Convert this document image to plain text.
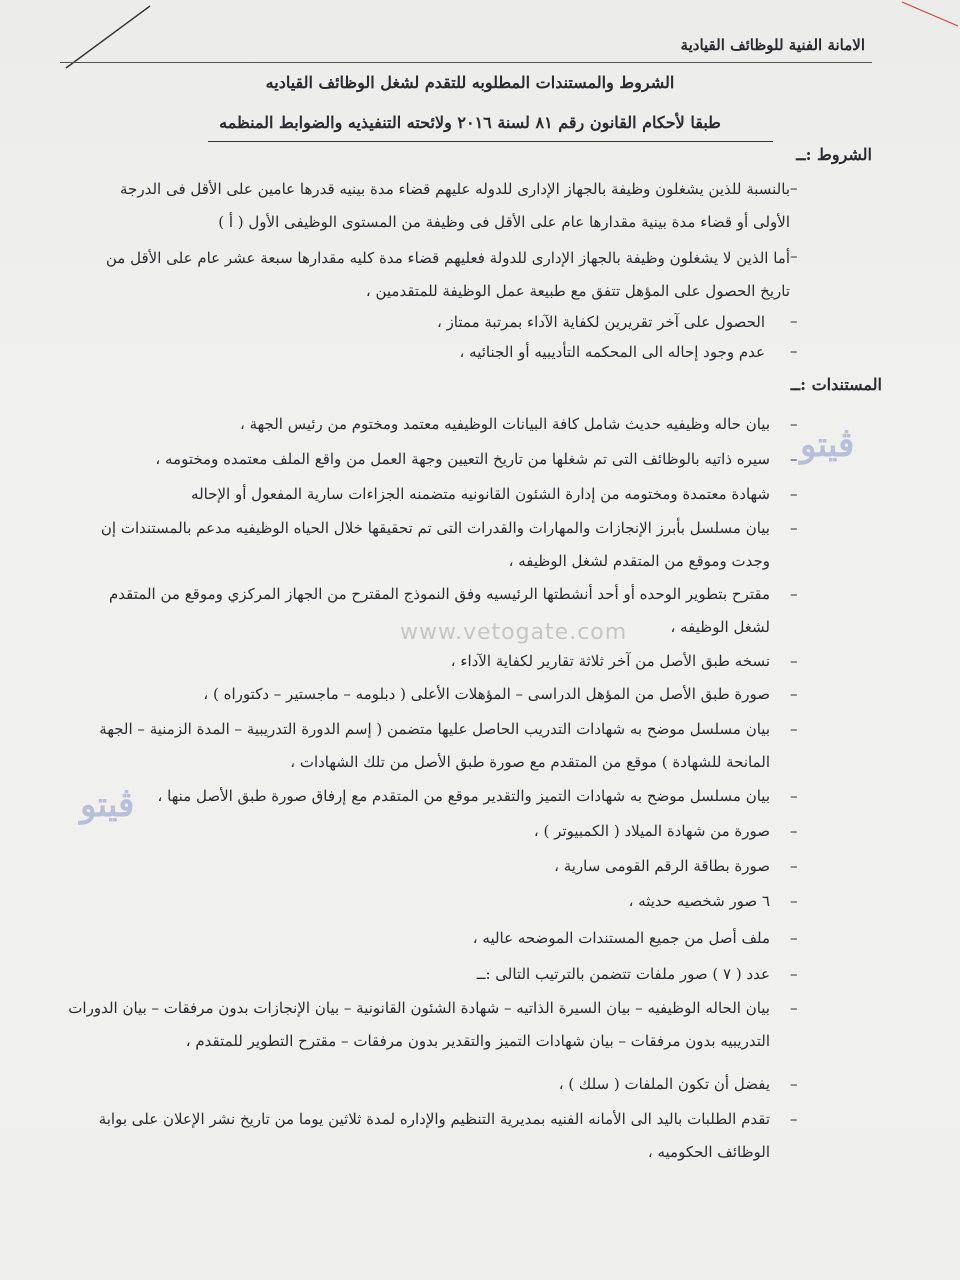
الامانة الفنية للوظائف القيادية
الشروط والمستندات المطلوبه للتقدم لشغل الوظائف القياديه
طبقا لأحكام القانون رقم ٨١ لسنة ٢٠١٦ ولائحته التنفيذيه والضوابط المنظمه
الشروط :ــ
–
بالنسبة للذين يشغلون وظيفة بالجهاز الإدارى للدوله عليهم قضاء مدة بينيه قدرها عامين على الأقل فى الدرجة الأولى أو قضاء مدة بينية مقدارها عام على الأقل فى وظيفة من المستوى الوظيفى الأول ( أ )
–
أما الذين لا يشغلون وظيفة بالجهاز الإدارى للدولة فعليهم قضاء مدة كليه مقدارها سبعة عشر عام على الأقل من تاريخ الحصول على المؤهل تتفق مع طبيعة عمل الوظيفة للمتقدمين ،
–
الحصول على آخر تقريرين لكفاية الآداء بمرتبة ممتاز ،
–
عدم وجود إحاله الى المحكمه التأديبيه أو الجنائيه ،
المستندات :ــ
–
بيان حاله وظيفيه حديث شامل كافة البيانات الوظيفيه معتمد ومختوم من رئيس الجهة ،
–
سيره ذاتيه بالوظائف التى تم شغلها من تاريخ التعيين وجهة العمل من واقع الملف معتمده ومختومه ،
–
شهادة معتمدة ومختومه من إدارة الشئون القانونيه متضمنه الجزاءات سارية المفعول أو الإحاله
–
بيان مسلسل بأبرز الإنجازات والمهارات والقدرات التى تم تحقيقها خلال الحياه الوظيفيه مدعم بالمستندات إن وجدت وموقع من المتقدم لشغل الوظيفه ،
–
مقترح بتطوير الوحده أو أحد أنشطتها الرئيسيه وفق النموذج المقترح من الجهاز المركزي وموقع من المتقدم لشغل الوظيفه ،
–
نسخه طبق الأصل من آخر ثلاثة تقارير لكفاية الآداء ،
–
صورة طبق الأصل من المؤهل الدراسى – المؤهلات الأعلى ( دبلومه – ماجستير – دكتوراه ) ،
–
بيان مسلسل موضح به شهادات التدريب الحاصل عليها متضمن ( إسم الدورة التدريبية – المدة الزمنية – الجهة المانحة للشهادة ) موقع من المتقدم مع صورة طبق الأصل من تلك الشهادات ،
–
بيان مسلسل موضح به شهادات التميز والتقدير موقع من المتقدم مع إرفاق صورة طبق الأصل منها ،
–
صورة من شهادة الميلاد ( الكمبيوتر ) ،
–
صورة بطاقة الرقم القومى سارية ،
–
٦ صور شخصيه حديثه ،
–
ملف أصل من جميع المستندات الموضحه عاليه ،
–
عدد ( ٧ ) صور ملفات تتضمن بالترتيب التالى :ــ
–
بيان الحاله الوظيفيه – بيان السيرة الذاتيه – شهادة الشئون القانونية – بيان الإنجازات بدون مرفقات – بيان الدورات التدريبيه بدون مرفقات – بيان شهادات التميز والتقدير بدون مرفقات – مقترح التطوير للمتقدم ،
–
يفضل أن تكون الملفات ( سلك ) ،
–
تقدم الطلبات باليد الى الأمانه الفنيه بمديرية التنظيم والإداره لمدة ثلاثين يوما من تاريخ نشر الإعلان على بوابة الوظائف الحكوميه ،
ڤيتو
ڤيتو
www.vetogate.com
